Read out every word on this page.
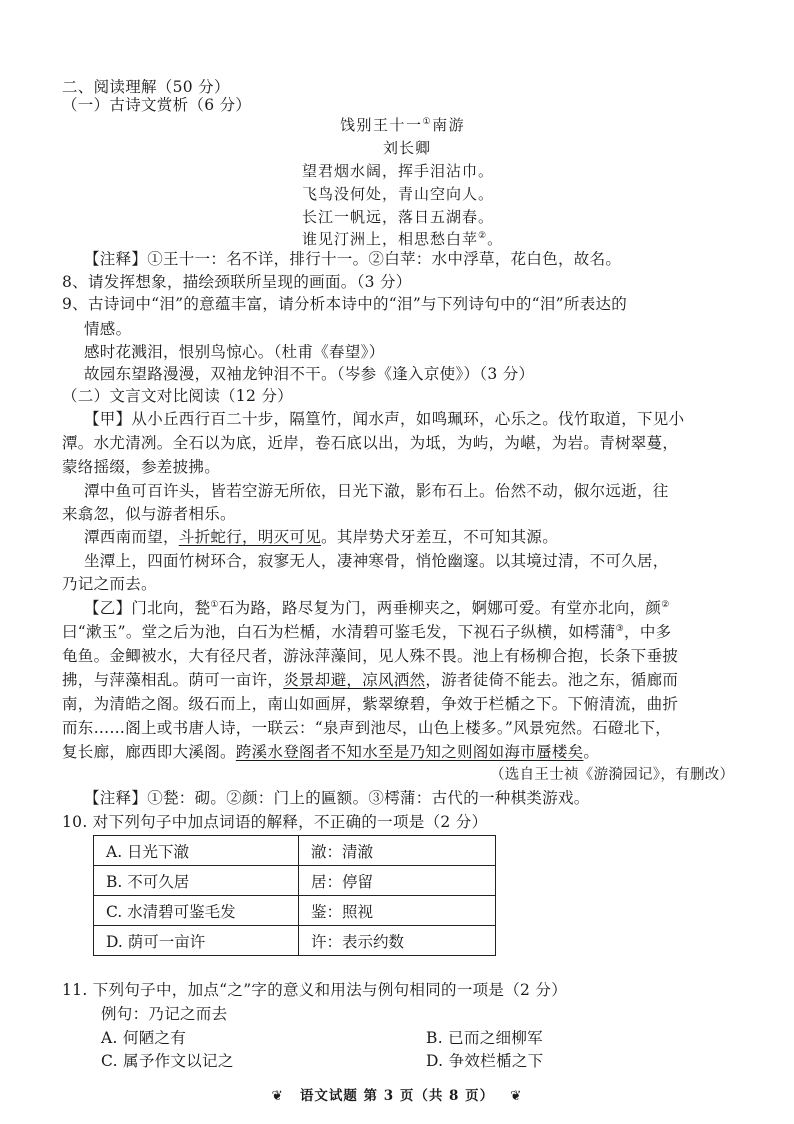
二、阅读理解（50 分）
（一）古诗文赏析（6 分）
饯别王十一①南游
刘长卿
望君烟水阔，挥手泪沾巾。
飞鸟没何处，青山空向人。
长江一帆远，落日五湖春。
谁见汀洲上，相思愁白苹②。
【注释】①王十一：名不详，排行十一。②白苹：水中浮草，花白色，故名。
8、请发挥想象，描绘颈联所呈现的画面。（3 分）
9、古诗词中“泪”的意蕴丰富，请分析本诗中的“泪”与下列诗句中的“泪”所表达的
情感。
感时花溅泪，恨别鸟惊心。（杜甫《春望》）
故园东望路漫漫，双袖龙钟泪不干。（岑参《逢入京使》）（3 分）
（二）文言文对比阅读（12 分）
【甲】从小丘西行百二十步，隔篁竹，闻水声，如鸣珮环，心乐之。伐竹取道，下见小
潭。水尤清冽。全石以为底，近岸，卷石底以出，为坻，为屿，为嵁，为岩。青树翠蔓，
蒙络摇缀，参差披拂。
潭中鱼可百许头，皆若空游无所依，日光下澈，影布石上。佁然不动，俶尔远逝，往
来翕忽，似与游者相乐。
潭西南而望，斗折蛇行，明灭可见。其岸势犬牙差互，不可知其源。
坐潭上，四面竹树环合，寂寥无人，凄神寒骨，悄怆幽邃。以其境过清，不可久居，
乃记之而去。
【乙】门北向，甃①石为路，路尽复为门，两垂柳夹之，婀娜可爱。有堂亦北向，颜②
曰“漱玉”。堂之后为池，白石为栏楯，水清碧可鉴毛发，下视石子纵横，如樗蒲③，中多
龟鱼。金鲫被水，大有径尺者，游泳萍藻间，见人殊不畏。池上有杨柳合抱，长条下垂披
拂，与萍藻相乱。荫可一亩许，炎景却避，凉风洒然，游者徒倚不能去。池之东，循廊而
南，为清皓之阁。级石而上，南山如画屏，紫翠缭碧，争效于栏楯之下。下俯清流，曲折
而东……阁上或书唐人诗，一联云：“泉声到池尽，山色上楼多。”风景宛然。石磴北下，
复长廊，廊西即大溪阁。跨溪水登阁者不知水至是乃知之则阁如海市蜃楼矣。
（选自王士祯《游漪园记》，有删改）
【注释】①甃：砌。②颜：门上的匾额。③樗蒲：古代的一种棋类游戏。
10. 对下列句子中加点词语的解释，不正确的一项是（2 分）
A. 日光下澈	澈：清澈
B. 不可久居	居：停留
C. 水清碧可鉴毛发	鉴：照视
D. 荫可一亩许	许：表示约数
11. 下列句子中，加点“之”字的意义和用法与例句相同的一项是（2 分）
例句：乃记之而去
A. 何陋之有	B. 已而之细柳军
C. 属予作文以记之	D. 争效栏楯之下
❦ 语文试题 第 3 页（共 8 页） ❦
